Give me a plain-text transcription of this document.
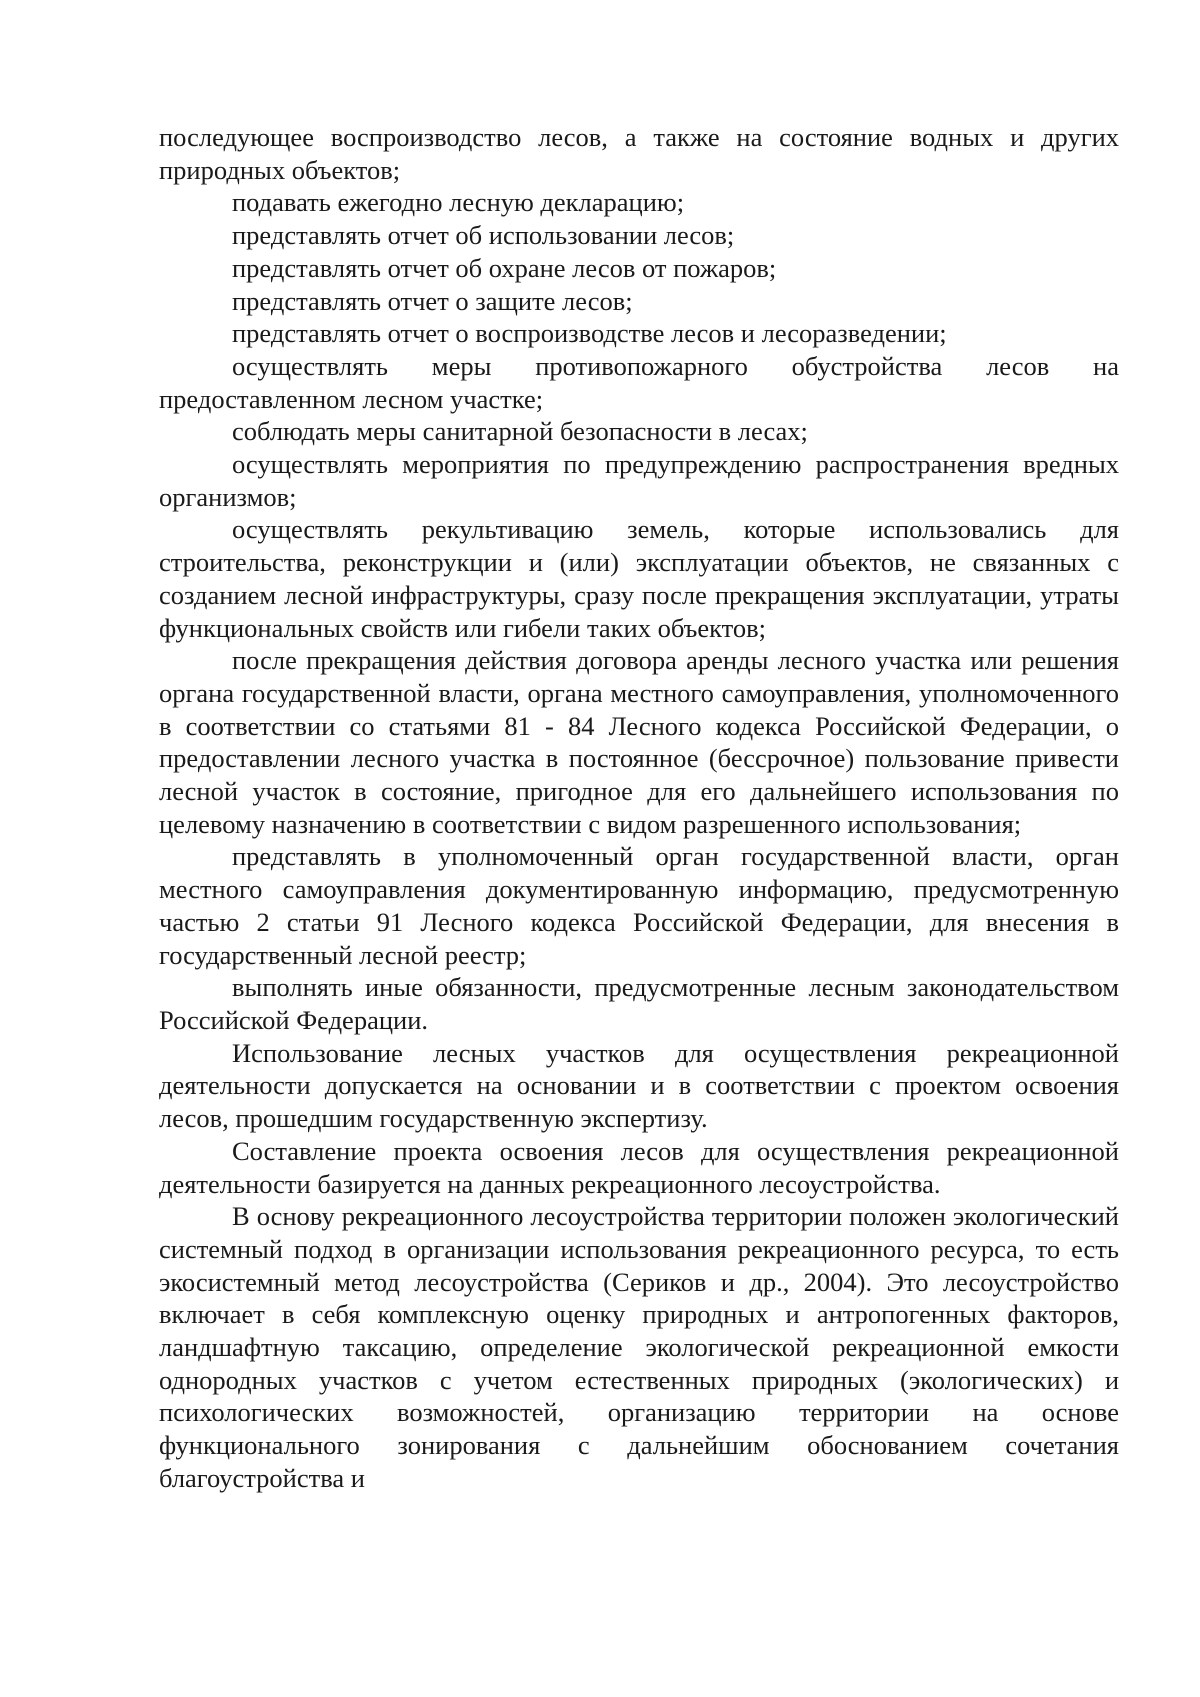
последующее воспроизводство лесов, а также на состояние водных и других природных объектов;

подавать ежегодно лесную декларацию;

представлять отчет об использовании лесов;

представлять отчет об охране лесов от пожаров;

представлять отчет о защите лесов;

представлять отчет о воспроизводстве лесов и лесоразведении;

осуществлять меры противопожарного обустройства лесов на предоставленном лесном участке;

соблюдать меры санитарной безопасности в лесах;

осуществлять мероприятия по предупреждению распространения вредных организмов;

осуществлять рекультивацию земель, которые использовались для строительства, реконструкции и (или) эксплуатации объектов, не связанных с созданием лесной инфраструктуры, сразу после прекращения эксплуатации, утраты функциональных свойств или гибели таких объектов;

после прекращения действия договора аренды лесного участка или решения органа государственной власти, органа местного самоуправления, уполномоченного в соответствии со статьями 81 - 84 Лесного кодекса Российской Федерации, о предоставлении лесного участка в постоянное (бессрочное) пользование привести лесной участок в состояние, пригодное для его дальнейшего использования по целевому назначению в соответствии с видом разрешенного использования;

представлять в уполномоченный орган государственной власти, орган местного самоуправления документированную информацию, предусмотренную частью 2 статьи 91 Лесного кодекса Российской Федерации, для внесения в государственный лесной реестр;

выполнять иные обязанности, предусмотренные лесным законодательством Российской Федерации.

Использование лесных участков для осуществления рекреационной деятельности допускается на основании и в соответствии с проектом освоения лесов, прошедшим государственную экспертизу.

Составление проекта освоения лесов для осуществления рекреационной деятельности базируется на данных рекреационного лесоустройства.

В основу рекреационного лесоустройства территории положен экологический системный подход в организации использования рекреационного ресурса, то есть экосистемный метод лесоустройства (Сериков и др., 2004). Это лесоустройство включает в себя комплексную оценку природных и антропогенных факторов, ландшафтную таксацию, определение экологической рекреационной емкости однородных участков с учетом естественных природных (экологических) и психологических возможностей, организацию территории на основе функционального зонирования с дальнейшим обоснованием сочетания благоустройства и
